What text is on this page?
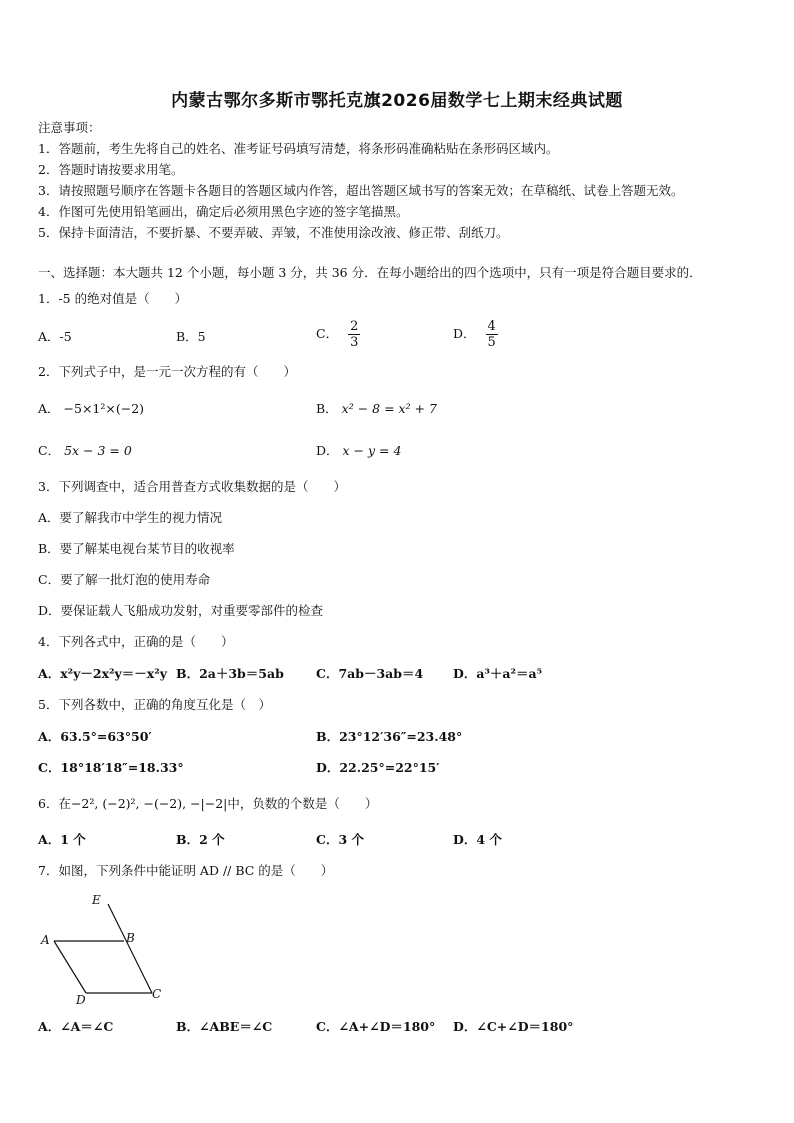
内蒙古鄂尔多斯市鄂托克旗2026届数学七上期末经典试题
注意事项：
1．答题前，考生先将自己的姓名、准考证号码填写清楚，将条形码准确粘贴在条形码区域内。
2．答题时请按要求用笔。
3．请按照题号顺序在答题卡各题目的答题区域内作答，超出答题区域书写的答案无效；在草稿纸、试卷上答题无效。
4．作图可先使用铅笔画出，确定后必须用黑色字迹的签字笔描黑。
5．保持卡面清洁，不要折暴、不要弄破、弄皱，不准使用涂改液、修正带、刮纸刀。
一、选择题：本大题共 12 个小题，每小题 3 分，共 36 分．在每小题给出的四个选项中，只有一项是符合题目要求的．
1．-5 的绝对值是（　　）
A．-5	B．5	C． $\frac{2}{3}$	D． $\frac{4}{5}$
2．下列式子中，是一元一次方程的有（　　）
A． −5×1²×(−2)	B． x² − 8 = x² + 7
C． 5x − 3 = 0	D． x − y = 4
3．下列调查中，适合用普查方式收集数据的是（　　）
A．要了解我市中学生的视力情况
B．要了解某电视台某节目的收视率
C．要了解一批灯泡的使用寿命
D．要保证载人飞船成功发射，对重要零部件的检查
4．下列各式中，正确的是（　　）
A．x²y－2x²y＝－x²y B．2a＋3b＝5ab	C．7ab－3ab＝4 D．a³＋a²＝a⁵
5．下列各数中，正确的角度互化是（　）
A．63.5°=63°50′	B．23°12′36″=23.48°
C．18°18′18″=18.33°	D．22.25°=22°15′
6．在−2², (−2)², −(−2), −|−2|中，负数的个数是（　　）
A．1 个	B．2 个	C．3 个	D．4 个
7．如图，下列条件中能证明 AD // BC 的是（　　）
E
A	B
D	C
A．∠A＝∠C	B．∠ABE＝∠C	C．∠A+∠D＝180° D．∠C+∠D＝180°
